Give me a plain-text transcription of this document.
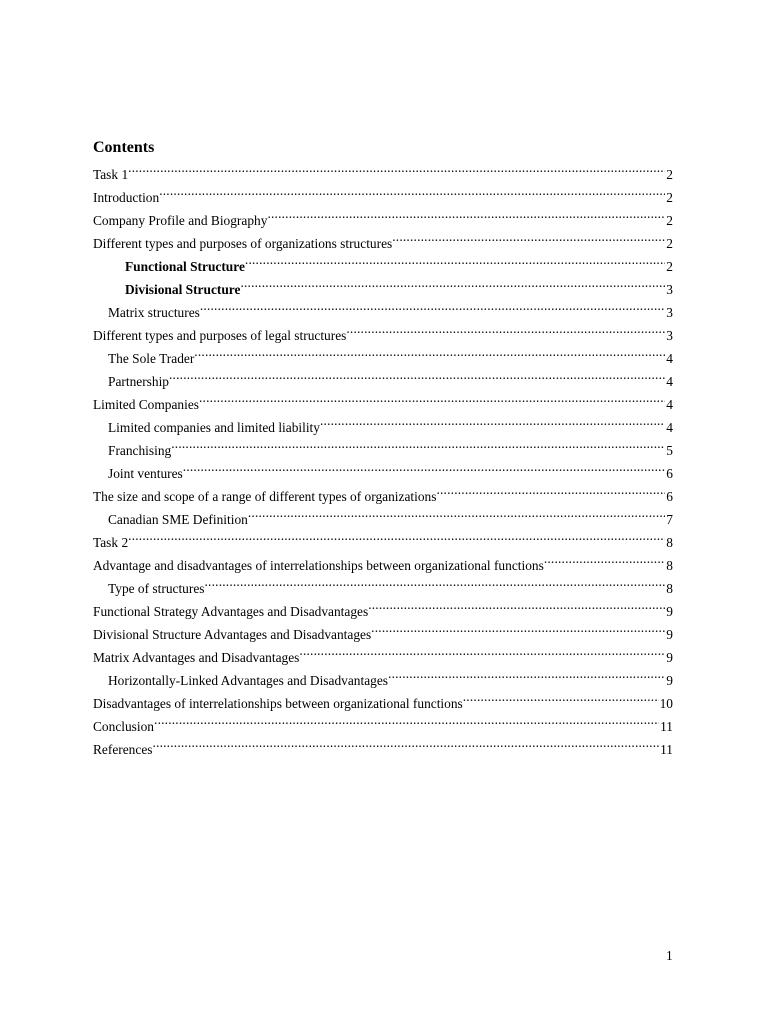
Contents
Task 1 .....	2
Introduction .....	2
Company Profile and Biography .....	2
Different types and purposes of organizations structures .....	2
Functional Structure .....	2
Divisional Structure .....	3
Matrix structures .....	3
Different types and purposes of legal structures .....	3
The Sole Trader .....	4
Partnership .....	4
Limited Companies .....	4
Limited companies and limited liability .....	4
Franchising .....	5
Joint ventures .....	6
The size and scope of a range of different types of organizations .....	6
Canadian SME Definition .....	7
Task 2 .....	8
Advantage and disadvantages of interrelationships between organizational functions .....	8
Type of structures .....	8
Functional Strategy Advantages and Disadvantages .....	9
Divisional Structure Advantages and Disadvantages .....	9
Matrix Advantages and Disadvantages .....	9
Horizontally-Linked Advantages and Disadvantages .....	9
Disadvantages of interrelationships between organizational functions .....	10
Conclusion .....	11
References .....	11
1
